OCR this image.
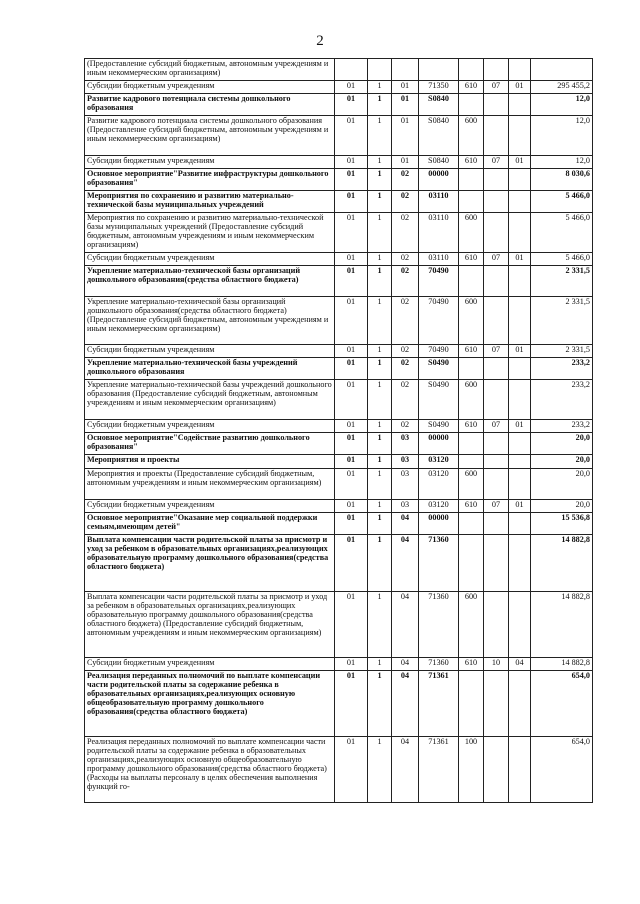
2
(Предоставление субсидий бюджетным, автономным учреждениям и иным некоммерческим организациям)								
Субсидии бюджетным учреждениям	01	1	01	71350	610	07	01	295 455,2
Развитие кадрового потенциала системы дошкольного образования	01	1	01	S0840				12,0
Развитие кадрового потенциала системы дошкольного образования (Предоставление субсидий бюджетным, автономным учреждениям и иным некоммерческим организациям)	01	1	01	S0840	600			12,0
Субсидии бюджетным учреждениям	01	1	01	S0840	610	07	01	12,0
Основное мероприятие"Развитие инфраструктуры дошкольного образования"	01	1	02	00000				8 030,6
Мероприятия по сохранению и развитию материально-технической базы муниципальных учреждений	01	1	02	03110				5 466,0
Мероприятия по сохранению и развитию материально-технической базы муниципальных учреждений (Предоставление субсидий бюджетным, автономным учреждениям и иным некоммерческим организациям)	01	1	02	03110	600			5 466,0
Субсидии бюджетным учреждениям	01	1	02	03110	610	07	01	5 466,0
Укрепление материально-технической базы организаций дошкольного образования(средства областного бюджета)	01	1	02	70490				2 331,5
Укрепление материально-технической базы организаций дошкольного образования(средства областного бюджета) (Предоставление субсидий бюджетным, автономным учреждениям и иным некоммерческим организациям)	01	1	02	70490	600			2 331,5
Субсидии бюджетным учреждениям	01	1	02	70490	610	07	01	2 331,5
Укрепление материально-технической базы учреждений дошкольного образования	01	1	02	S0490				233,2
Укрепление материально-технической базы учреждений дошкольного образования (Предоставление субсидий бюджетным, автономным учреждениям и иным некоммерческим организациям)	01	1	02	S0490	600			233,2
Субсидии бюджетным учреждениям	01	1	02	S0490	610	07	01	233,2
Основное мероприятие"Содействие развитию дошкольного образования"	01	1	03	00000				20,0
Мероприятия и проекты	01	1	03	03120				20,0
Мероприятия и проекты (Предоставление субсидий бюджетным, автономным учреждениям и иным некоммерческим организациям)	01	1	03	03120	600			20,0
Субсидии бюджетным учреждениям	01	1	03	03120	610	07	01	20,0
Основное мероприятие"Оказание мер социальной поддержки семьям,имеющим детей"	01	1	04	00000				15 536,8
Выплата компенсации части родительской платы за присмотр и уход за ребенком в образовательных организациях,реализующих образовательную программу дошкольного образования(средства областного бюджета)	01	1	04	71360				14 882,8
Выплата компенсации части родительской платы за присмотр и уход за ребенком в образовательных организациях,реализующих образовательную программу дошкольного образования(средства областного бюджета) (Предоставление субсидий бюджетным, автономным учреждениям и иным некоммерческим организациям)	01	1	04	71360	600			14 882,8
Субсидии бюджетным учреждениям	01	1	04	71360	610	10	04	14 882,8
Реализация переданных полномочий по выплате компенсации части родительской платы за содержание ребенка в образовательных организациях,реализующих основную общеобразовательную программу дошкольного образования(средства областного бюджета)	01	1	04	71361				654,0
Реализация переданных полномочий по выплате компенсации части родительской платы за содержание ребенка в образовательных организациях,реализующих основную общеобразовательную программу дошкольного образования(средства областного бюджета) (Расходы на выплаты персоналу в целях обеспечения выполнения функций го-	01	1	04	71361	100			654,0
